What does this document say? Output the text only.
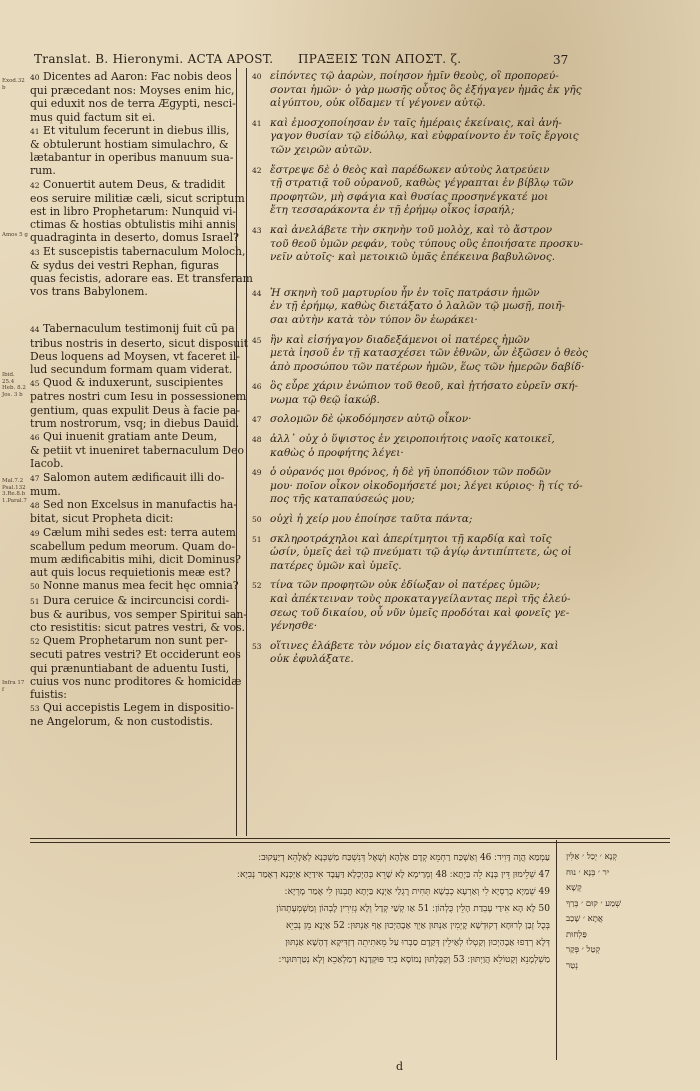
Translat. B. Hieronymi. ACTA APOST. ΠΡΑΞΕΙΣ ΤΩΝ ΑΠΟΣΤ. ζ.	37
Exod.32 b
Amos 5 g
Ibid. 25.4 Heb. 8.2 Jos. 3 b
Mal.7.2 Psal.132 3.Re.8.b 1.Paral.7
Infra 17 f
40 Dicentes ad Aaron: Fac nobis deos
qui præcedant nos: Moyses enim hic,
qui eduxit nos de terra Ægypti, nesci-
mus quid factum sit ei.
41 Et vitulum fecerunt in diebus illis,
& obtulerunt hostiam simulachro, &
lætabantur in operibus manuum sua-
rum.
42 Conuertit autem Deus, & tradidit
eos seruire militiæ cæli, sicut scriptum
est in libro Prophetarum: Nunquid vi-
ctimas & hostias obtulistis mihi annis
quadraginta in deserto, domus Israel?
43 Et suscepistis tabernaculum Moloch,
& sydus dei vestri Rephan, figuras
quas fecistis, adorare eas. Et transferam
vos trans Babylonem.
44 Tabernaculum testimonij fuit cū pa
tribus nostris in deserto, sicut disposuit
Deus loquens ad Moysen, vt faceret il-
lud secundum formam quam viderat.
45 Quod & induxerunt, suscipientes
patres nostri cum Iesu in possessionem
gentium, quas expulit Deus à facie pa-
trum nostrorum, vsq; in diebus Dauid.
46 Qui inuenit gratiam ante Deum,
& petiit vt inueniret tabernaculum Deo
Iacob.
47 Salomon autem ædificauit illi do-
mum.
48 Sed non Excelsus in manufactis ha-
bitat, sicut Propheta dicit:
49 Cælum mihi sedes est: terra autem
scabellum pedum meorum. Quam do-
mum ædificabitis mihi, dicit Dominus?
aut quis locus requietionis meæ est?
50 Nonne manus mea fecit hęc omnia?
51 Dura ceruice & incircuncisi cordi-
bus & auribus, vos semper Spiritui san-
cto resistitis: sicut patres vestri, & vos.
52 Quem Prophetarum non sunt per-
secuti patres vestri? Et occiderunt eos
qui prænuntiabant de aduentu Iusti,
cuius vos nunc proditores & homicidæ
fuistis:
53 Qui accepistis Legem in dispositio-
ne Angelorum, & non custodistis.
40 εἰπόντες τῷ ἀαρὼν, ποίησον ἡμῖν θεοὺς, οἳ προπορεύ-
σονται ἡμῶν· ὁ γὰρ μωσῆς οὗτος ὃς ἐξήγαγεν ἡμᾶς ἐκ γῆς
αἰγύπτου, οὐκ οἴδαμεν τί γέγονεν αὐτῷ.
41 καὶ ἐμοσχοποίησαν ἐν ταῖς ἡμέραις ἐκείναις, καὶ ἀνή-
γαγον θυσίαν τῷ εἰδώλῳ, καὶ εὐφραίνοντο ἐν τοῖς ἔργοις
τῶν χειρῶν αὐτῶν.
42 ἔστρεψε δὲ ὁ θεὸς καὶ παρέδωκεν αὐτοὺς λατρεύειν
τῇ στρατιᾷ τοῦ οὐρανοῦ, καθὼς γέγραπται ἐν βίβλῳ τῶν
προφητῶν, μὴ σφάγια καὶ θυσίας προσηνέγκατέ μοι
ἔτη τεσσαράκοντα ἐν τῇ ἐρήμῳ οἶκος ἰσραήλ;
43 καὶ ἀνελάβετε τὴν σκηνὴν τοῦ μολὸχ, καὶ τὸ ἄστρον
τοῦ θεοῦ ὑμῶν ρεφάν, τοὺς τύπους οὓς ἐποιήσατε προσκυ-
νεῖν αὐτοῖς· καὶ μετοικιῶ ὑμᾶς ἐπέκεινα βαβυλῶνος.
44 Ἡ σκηνὴ τοῦ μαρτυρίου ἦν ἐν τοῖς πατράσιν ἡμῶν
ἐν τῇ ἐρήμῳ, καθὼς διετάξατο ὁ λαλῶν τῷ μωσῇ, ποιῆ-
σαι αὐτὴν κατὰ τὸν τύπον ὃν ἑωράκει·
45 ἣν καὶ εἰσήγαγον διαδεξάμενοι οἱ πατέρες ἡμῶν
μετὰ ἰησοῦ ἐν τῇ κατασχέσει τῶν ἐθνῶν, ὧν ἐξῶσεν ὁ θεὸς
ἀπὸ προσώπου τῶν πατέρων ἡμῶν, ἕως τῶν ἡμερῶν δαβίδ·
46 ὃς εὗρε χάριν ἐνώπιον τοῦ θεοῦ, καὶ ᾐτήσατο εὑρεῖν σκή-
νωμα τῷ θεῷ ἰακώβ.
47 σολομῶν δὲ ᾠκοδόμησεν αὐτῷ οἶκον·
48 ἀλλ᾽ οὐχ ὁ ὕψιστος ἐν χειροποιήτοις ναοῖς κατοικεῖ,
καθὼς ὁ προφήτης λέγει·
49 ὁ οὐρανός μοι θρόνος, ἡ δὲ γῆ ὑποπόδιον τῶν ποδῶν
μου· ποῖον οἶκον οἰκοδομήσετέ μοι; λέγει κύριος· ἢ τίς τό-
πος τῆς καταπαύσεώς μου;
50 οὐχὶ ἡ χείρ μου ἐποίησε ταῦτα πάντα;
51 σκληροτράχηλοι καὶ ἀπερίτμητοι τῇ καρδίᾳ καὶ τοῖς
ὠσίν, ὑμεῖς ἀεὶ τῷ πνεύματι τῷ ἁγίῳ ἀντιπίπτετε, ὡς οἱ
πατέρες ὑμῶν καὶ ὑμεῖς.
52 τίνα τῶν προφητῶν οὐκ ἐδίωξαν οἱ πατέρες ὑμῶν;
καὶ ἀπέκτειναν τοὺς προκαταγγείλαντας περὶ τῆς ἐλεύ-
σεως τοῦ δικαίου, οὗ νῦν ὑμεῖς προδόται καὶ φονεῖς γε-
γένησθε·
53 οἵτινες ἐλάβετε τὸν νόμον εἰς διαταγὰς ἀγγέλων, καὶ
οὐκ ἐφυλάξατε.
עַמְמַא הֲוָה דָּוִיד ׃ 46 וְאַשְׁכַּח רַחְמֵא קְדָם אַלָהָא וְשְׁאֶל דְּנִשְׁכַּח מַשְׁכְּנָא לְאַלָהֵא דְיַעְקוּב ׃
47 שְׁלֵימוּן דֵּין בְּנָא לֵה בַּיְתָא ׃ 48 וְמְרַימָא לָא שָׁרֵא בְּהַיְכְלָא דַּעֲבָד אִידַיָא אַיְכְּנָא דְאֶמַר נְבִיָא ׃
49 שְׁמַיָא כֻרְסְיָא לִי וְאַרְעָא כְבְשָׁא תְּחִית רֶגְלַי אַיְנָא בַּיְתָא תֶבְנוּן לִי אֶמַר מָרְיָא ׃
50 לָא הָא אִידַי עֶבְדַת הָלֵין כֻּלְהוֹן ׃ 51 אַו קְשַׁי קְדָל וְלָא גְזִירִין לֶבְהוֹן וְמַשְׁמְעָתְהוֹן
בְּכֻל זְבַן לְרוּחָא דְקוּדְשָׁא קָיְמִין אַנְתּוּן אַיְךְ אַבָהַיְכוּן אָף אַנְתּוּן ׃ 52 אַיְנָא מֵן נְבִיֵא
דְּלָא רְדַפוּ אַבָהַיְכוּן וְקַטְלוּ לְאַילֵין דְּקַדֶם סַבְרוּ עַל מֵאתִיתֵה דְזַדִּיקָא דְהָשָׁא אַנְתּוּן
מַשְׁלְמָנֵא וְקָטוֹלֵא הֲוַיְתּוּן ׃ 53 וְקַבֶּלְתּוּן נָמוֹסָא בְיַד פּוּקְדָנָא דְמַלְאַכֵא וְלָא נְטַרְתּוּנָוי ׃
קְנָא ׳ יְכַל ׳ אַלִּין
יר ׳ בְּנָא ׳ נוּח
קְשָׁא
שְׁמַע ׳ קוּם ׳ בְּרַךְ
אֲתָא ׳ שָׁכַב
פַּלְחוּת
קְטַל ׳ פְּקַר
נְטַר
d
